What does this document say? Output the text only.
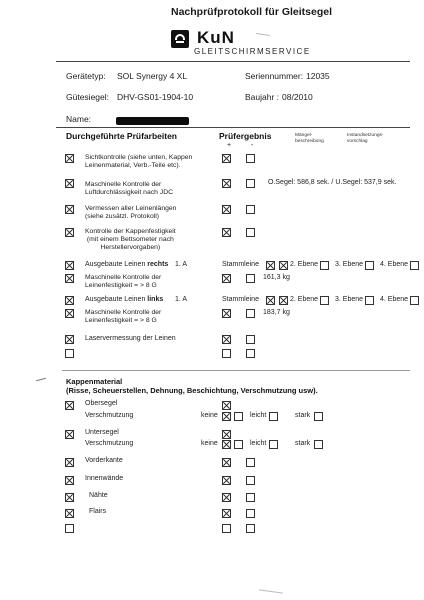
Nachprüfprotokoll für Gleitsegel
KuN
GLEITSCHIRMSERVICE
Gerätetyp: SOL Synergy 4 XL	Seriennummer: 12035
Gütesiegel: DHV-GS01-1904-10	Baujahr : 08/2010
Name:
Durchgeführte Prüfarbeiten	Prüfergebnis
+	-
Mängel-
beschreibung
Instandsetzungs-
vorschlag
Sichtkontrolle (siehe unten, Kappen
Leinenmaterial, Verb.-Teile etc).
Maschinelle Kontrolle der
Luftdurchlässigkeit nach JDC
O.Segel: 586,8 sek. / U.Segel: 537,9 sek.
Vermessen aller Leinenlängen
(siehe zusätzl. Protokoll)
Kontrolle der Kappenfestigkeit
(mit einem Bettsometer nach
Herstellervorgaben)
Ausgebaute Leinen rechts 1. A	Stammleine	2. Ebene 3. Ebene 4. Ebene
Maschinelle Kontrolle der
Leinenfestigkeit = > 8 G
161,3 kg
Ausgebaute Leinen links 1. A	Stammleine	2. Ebene 3. Ebene 4. Ebene
Maschinelle Kontrolle der
Leinenfestigkeit = > 8 G
183,7 kg
Laservermessung der Leinen
Kappenmaterial
(Risse, Scheuerstellen, Dehnung, Beschichtung, Verschmutzung usw).
Obersegel
Verschmutzung	keine	leicht	stark
Untersegel
Verschmutzung	keine	leicht	stark
Vorderkante
Innenwände
Nähte
Flairs
